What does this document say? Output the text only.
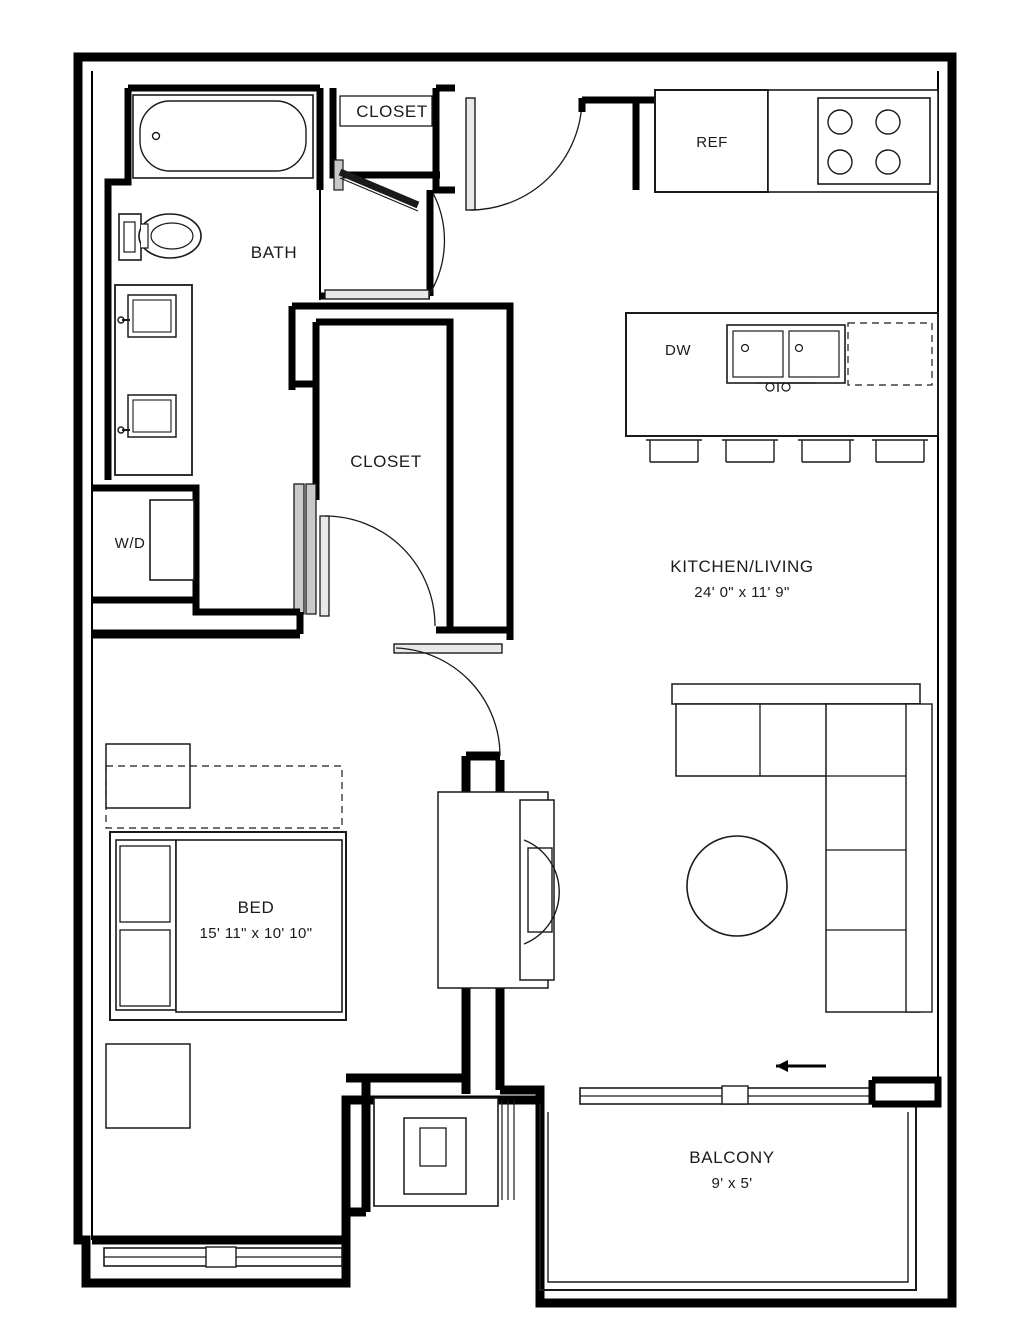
BATH
CLOSET
REF
DW
KITCHEN/LIVING
24' 0" x 11' 9"
CLOSET
W/D
BED
15' 11" x 10' 10"
BALCONY
9' x 5'
